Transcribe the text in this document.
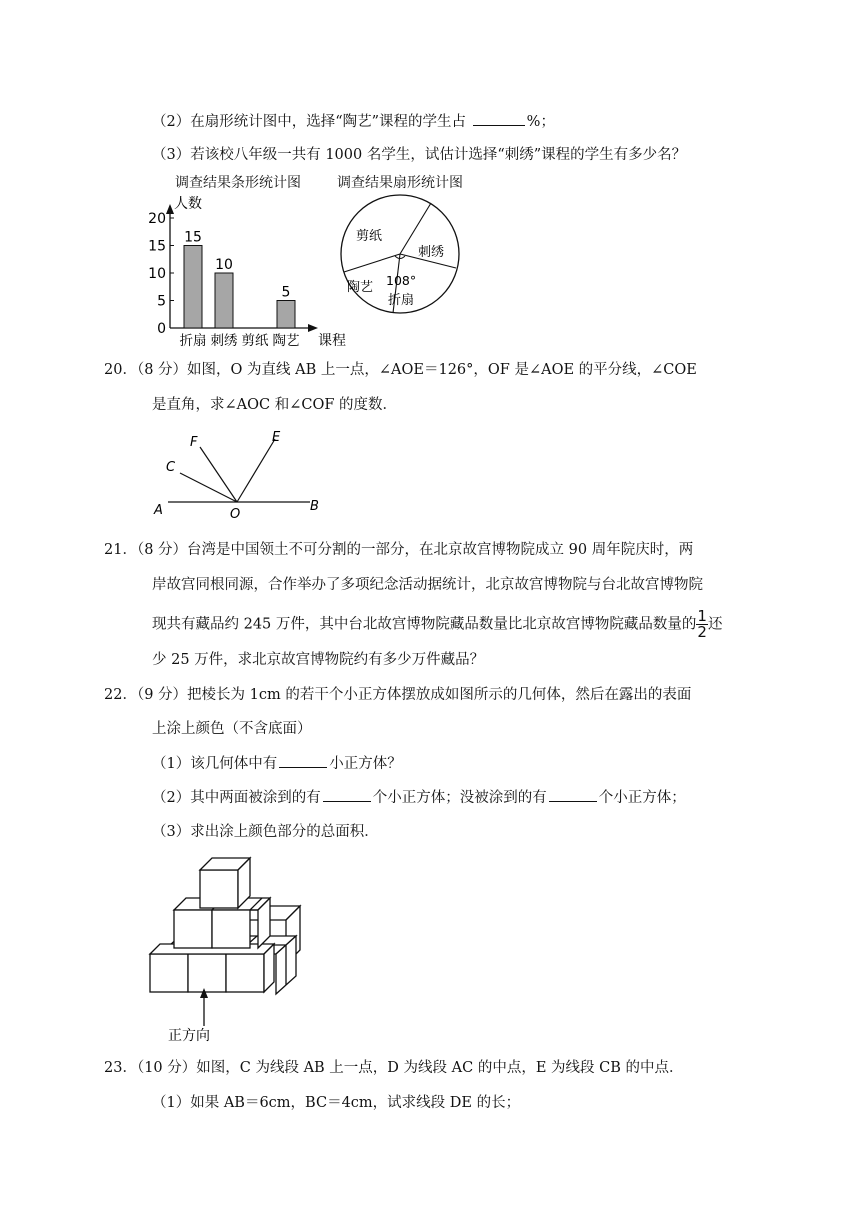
（2）在扇形统计图中，选择“陶艺”课程的学生占	%；
（3）若该校八年级一共有 1000 名学生，试估计选择“刺绣”课程的学生有多少名？
调查结果条形统计图	调查结果扇形统计图
0
5
10
15
20
人数
课程
15
折扇
10
刺绣 剪纸
5
陶艺
剪纸
刺绣
陶艺
折扇
108°
20．（8 分）如图，O 为直线 AB 上一点，∠AOE＝126°，OF 是∠AOE 的平分线，∠COE
是直角，求∠AOC 和∠COF 的度数．
A	B
C
F	E
O
21．（8 分）台湾是中国领土不可分割的一部分，在北京故宫博物院成立 90 周年院庆时，两
岸故宫同根同源，合作举办了多项纪念活动据统计，北京故宫博物院与台北故宫博物院
现共有藏品约 245 万件，其中台北故宫博物院藏品数量比北京故宫博物院藏品数量的 $\frac{1}{2}$ 还
少 25 万件，求北京故宫博物院约有多少万件藏品？
22．（9 分）把棱长为 1cm 的若干个小正方体摆放成如图所示的几何体，然后在露出的表面
上涂上颜色（不含底面）
（1）该几何体中有	小正方体？
（2）其中两面被涂到的有	个小正方体；没被涂到的有	个小正方体；
（3）求出涂上颜色部分的总面积．
正方向
23．（10 分）如图，C 为线段 AB 上一点，D 为线段 AC 的中点，E 为线段 CB 的中点．
（1）如果 AB＝6cm，BC＝4cm，试求线段 DE 的长；
